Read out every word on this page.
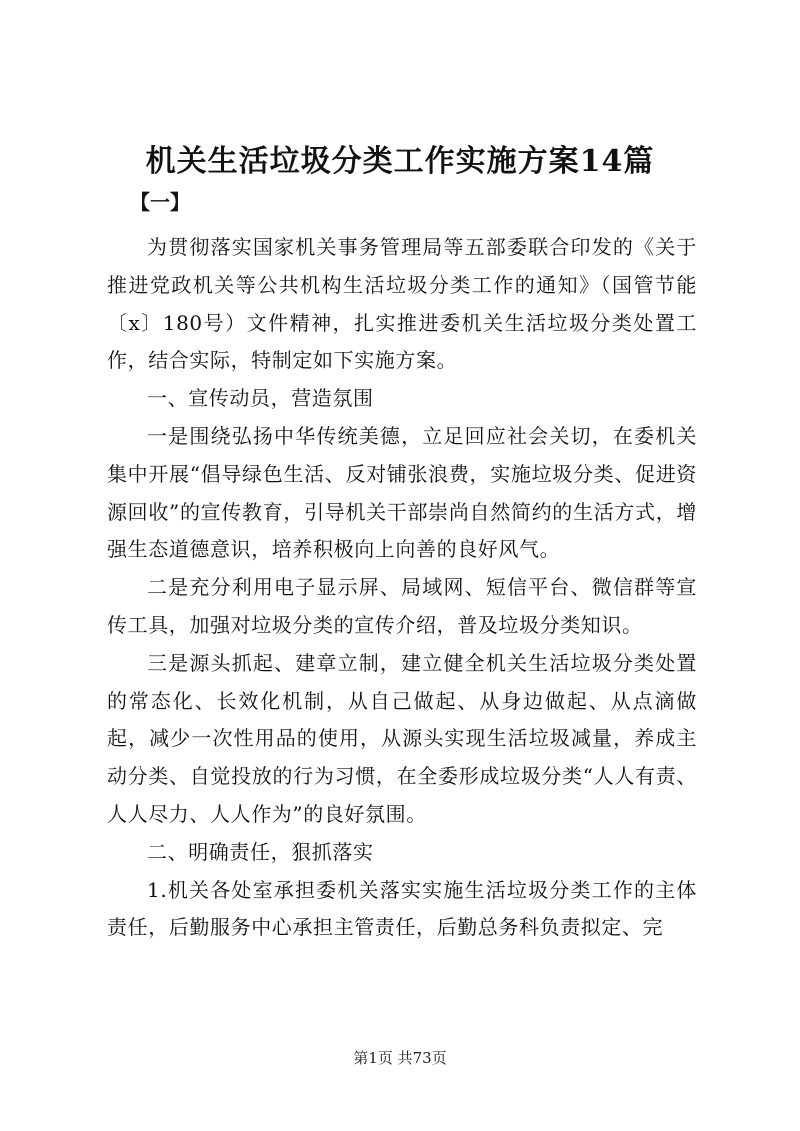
机关生活垃圾分类工作实施方案14篇
【一】

为贯彻落实国家机关事务管理局等五部委联合印发的《关于推进党政机关等公共机构生活垃圾分类工作的通知》（国管节能〔x〕180号）文件精神，扎实推进委机关生活垃圾分类处置工作，结合实际，特制定如下实施方案。

一、宣传动员，营造氛围

一是围绕弘扬中华传统美德，立足回应社会关切，在委机关集中开展“倡导绿色生活、反对铺张浪费，实施垃圾分类、促进资源回收”的宣传教育，引导机关干部崇尚自然简约的生活方式，增强生态道德意识，培养积极向上向善的良好风气。

二是充分利用电子显示屏、局域网、短信平台、微信群等宣传工具，加强对垃圾分类的宣传介绍，普及垃圾分类知识。

三是源头抓起、建章立制，建立健全机关生活垃圾分类处置的常态化、长效化机制，从自己做起、从身边做起、从点滴做起，减少一次性用品的使用，从源头实现生活垃圾减量，养成主动分类、自觉投放的行为习惯，在全委形成垃圾分类“人人有责、人人尽力、人人作为”的良好氛围。

二、明确责任，狠抓落实

1.机关各处室承担委机关落实实施生活垃圾分类工作的主体责任，后勤服务中心承担主管责任，后勤总务科负责拟定、完

第1页 共73页
